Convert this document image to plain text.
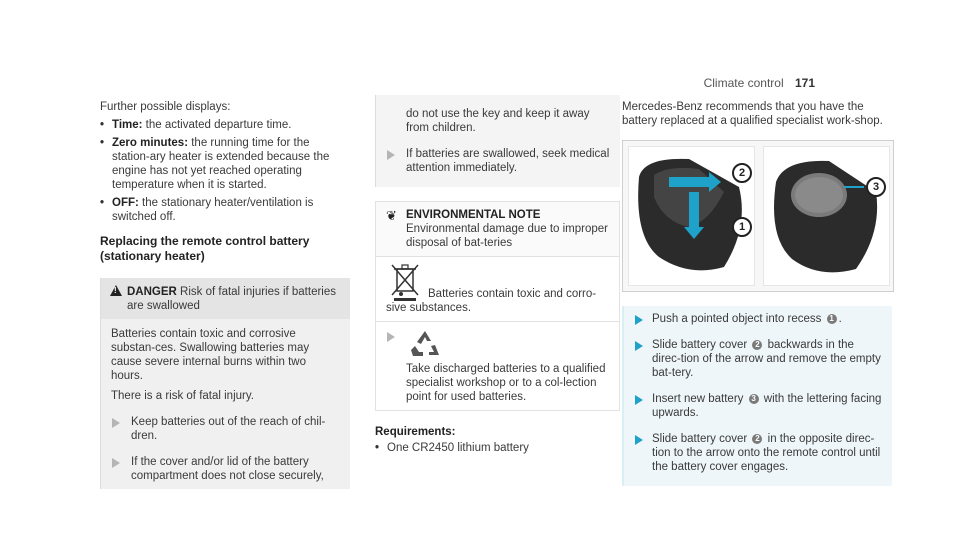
Climate control 171

Further possible displays:

• Time: the activated departure time.
• Zero minutes: the running time for the station-ary heater is extended because the engine has not yet reached operating temperature when it is started.
• OFF: the stationary heater/ventilation is switched off.
Replacing the remote control battery (stationary heater)
!
DANGER Risk of fatal injuries if batteries are swallowed

Batteries contain toxic and corrosive substan-ces. Swallowing batteries may cause severe internal burns within two hours.

There is a risk of fatal injury.

Keep batteries out of the reach of chil-dren.
If the cover and/or lid of the battery compartment does not close securely,
do not use the key and keep it away from children.
If batteries are swallowed, seek medical attention immediately.
❦ ENVIRONMENTAL NOTE Environmental damage due to improper disposal of bat-teries

Batteries contain toxic and corro-sive substances.

Take discharged batteries to a qualified specialist workshop or to a col-lection point for used batteries.

Requirements:
• One CR2450 lithium battery

Mercedes-Benz recommends that you have the battery replaced at a qualified specialist work-shop.

2
1
3
Push a pointed object into recess 1 .
Slide battery cover 2 backwards in the direc-tion of the arrow and remove the empty bat-tery.
Insert new battery 3 with the lettering facing upwards.
Slide battery cover 2 in the opposite direc-tion to the arrow onto the remote control until the battery cover engages.
